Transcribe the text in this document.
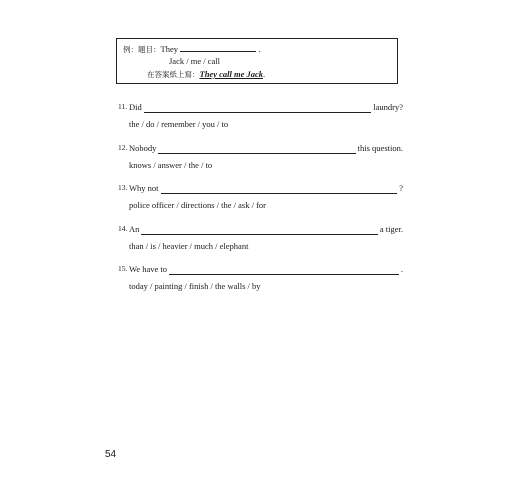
例：題目：They	.
Jack / me / call
在答案紙上寫：They call me Jack.
11. Did	laundry?
the / do / remember / you / to
12. Nobody	this question.
knows / answer / the / to
13. Why not	?
police officer / directions / the / ask / for
14. An	a tiger.
than / is / heavier / much / elephant
15. We have to	.
today / painting / finish / the walls / by
54
